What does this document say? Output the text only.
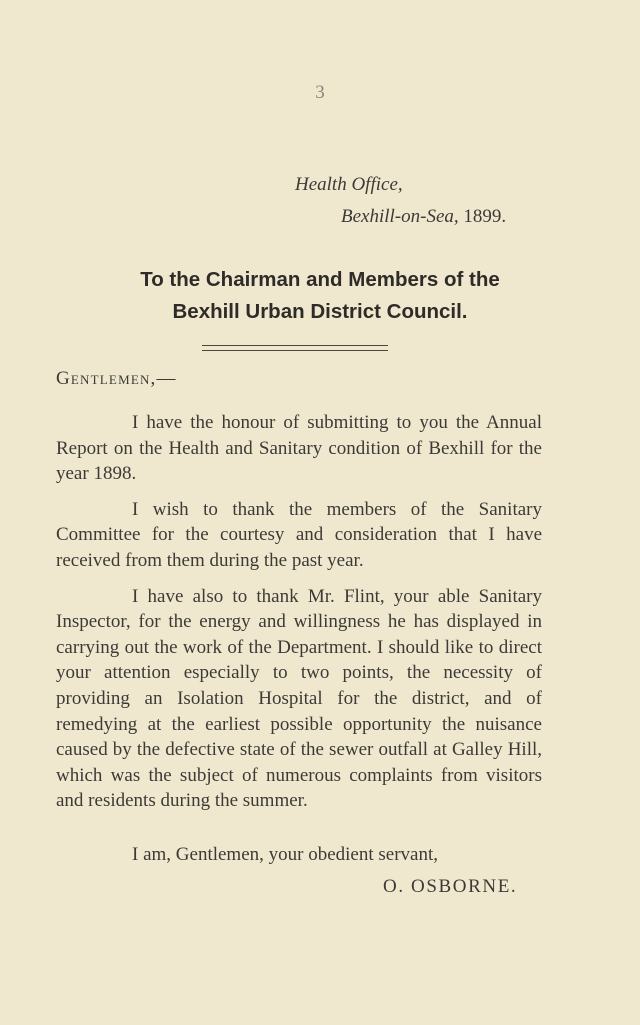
3
Health Office,
Bexhill-on-Sea, 1899.
To the Chairman and Members of the
Bexhill Urban District Council.
Gentlemen,—

I have the honour of submitting to you the Annual Report on the Health and Sanitary condition of Bexhill for the year 1898.

I wish to thank the members of the Sanitary Committee for the courtesy and consideration that I have received from them during the past year.

I have also to thank Mr. Flint, your able Sanitary Inspector, for the energy and willingness he has displayed in carrying out the work of the Department. I should like to direct your attention especially to two points, the necessity of providing an Isolation Hospital for the district, and of remedying at the earliest possible opportunity the nuisance caused by the defective state of the sewer outfall at Galley Hill, which was the subject of numerous complaints from visitors and residents during the summer.

I am, Gentlemen, your obedient servant,
O. OSBORNE.
